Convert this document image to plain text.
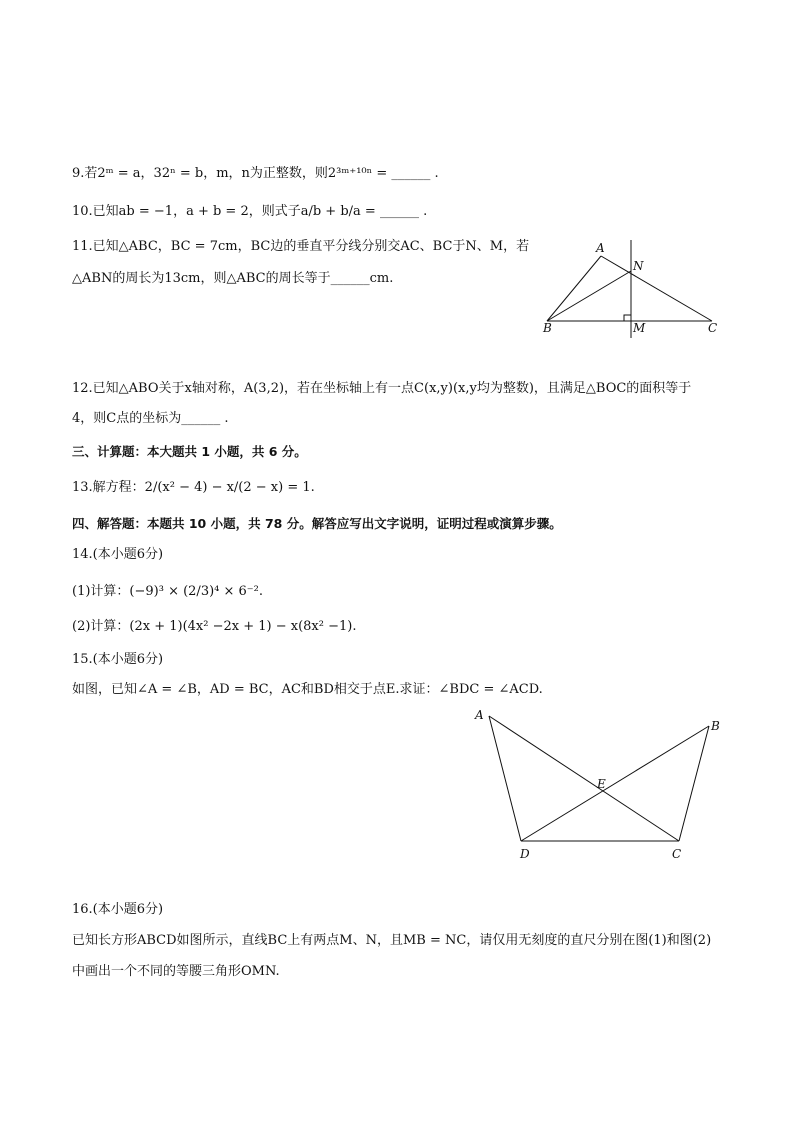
9.若2ᵐ = a，32ⁿ = b，m，n为正整数，则2³ᵐ⁺¹⁰ⁿ = ______ .
10.已知ab = −1，a + b = 2，则式子a/b + b/a = ______ .
11.已知△ABC，BC = 7cm，BC边的垂直平分线分别交AC、BC于N、M，若
△ABN的周长为13cm，则△ABC的周长等于______cm.
A
B	C
N
M
12.已知△ABO关于x轴对称，A(3,2)，若在坐标轴上有一点C(x,y)(x,y均为整数)，且满足△BOC的面积等于
4，则C点的坐标为______ .
三、计算题：本大题共 1 小题，共 6 分。
13.解方程：2/(x² − 4) − x/(2 − x) = 1.
四、解答题：本题共 10 小题，共 78 分。解答应写出文字说明，证明过程或演算步骤。
14.(本小题6分)
(1)计算：(−9)³ × (2/3)⁴ × 6⁻².
(2)计算：(2x + 1)(4x² −2x + 1) − x(8x² −1).
15.(本小题6分)
如图，已知∠A = ∠B，AD = BC，AC和BD相交于点E.求证：∠BDC = ∠ACD.
A
B
D	C
E
16.(本小题6分)
已知长方形ABCD如图所示，直线BC上有两点M、N，且MB = NC，请仅用无刻度的直尺分别在图(1)和图(2)
中画出一个不同的等腰三角形OMN.
